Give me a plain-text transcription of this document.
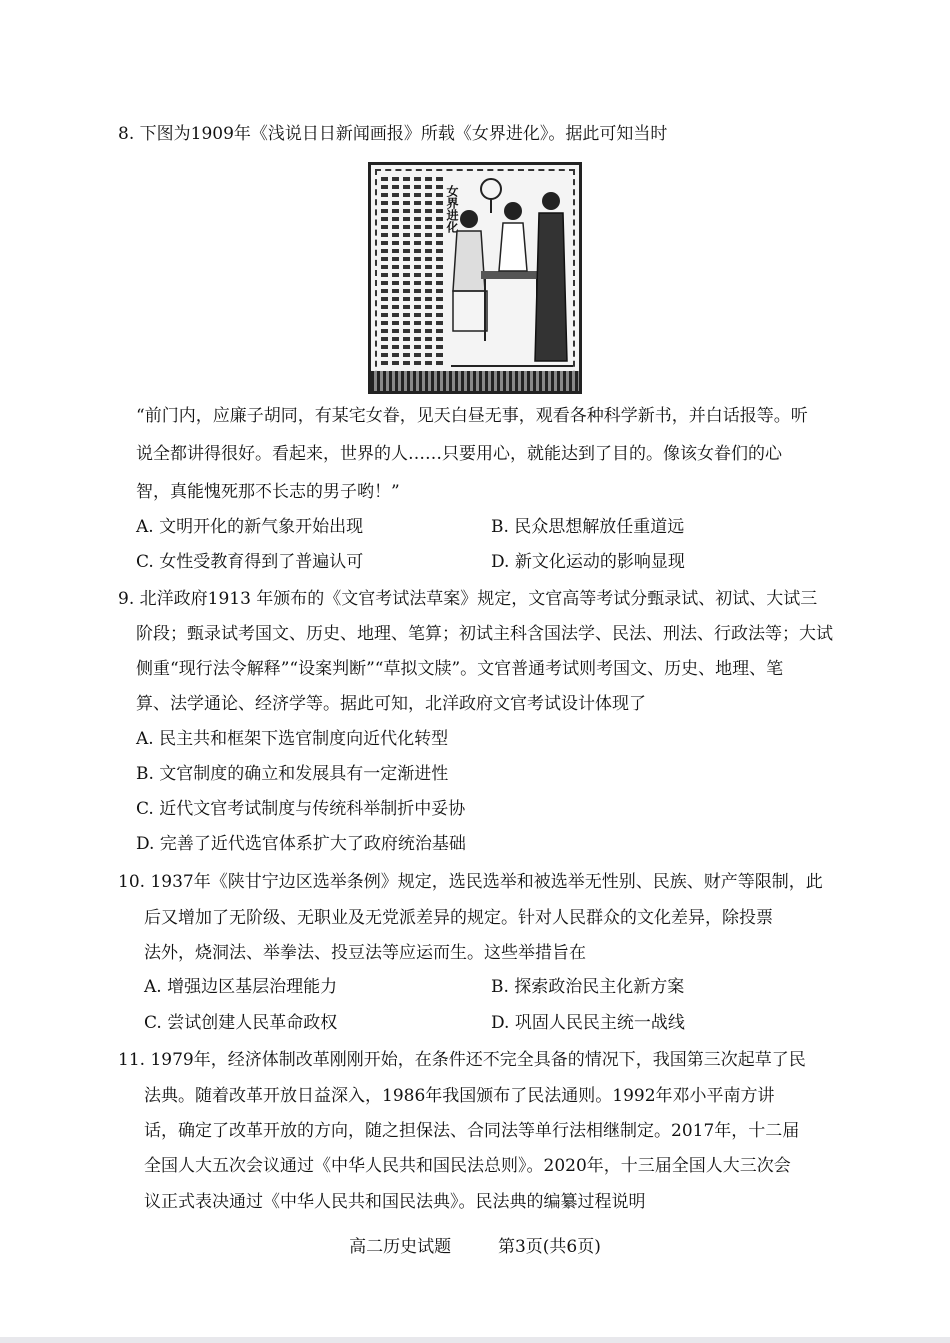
8. 下图为1909年《浅说日日新闻画报》所载《女界进化》。据此可知当时
女界进化
“前门内，应廉子胡同，有某宅女眷，见天白昼无事，观看各种科学新书，并白话报等。听
说全都讲得很好。看起来，世界的人……只要用心，就能达到了目的。像该女眷们的心
智，真能愧死那不长志的男子哟！”
A. 文明开化的新气象开始出现	B. 民众思想解放任重道远
C. 女性受教育得到了普遍认可	D. 新文化运动的影响显现
9. 北洋政府1913 年颁布的《文官考试法草案》规定，文官高等考试分甄录试、初试、大试三
阶段；甄录试考国文、历史、地理、笔算；初试主科含国法学、民法、刑法、行政法等；大试
侧重“现行法令解释”“设案判断”“草拟文牍”。文官普通考试则考国文、历史、地理、笔
算、法学通论、经济学等。据此可知，北洋政府文官考试设计体现了
A. 民主共和框架下选官制度向近代化转型
B. 文官制度的确立和发展具有一定渐进性
C. 近代文官考试制度与传统科举制折中妥协
D. 完善了近代选官体系扩大了政府统治基础
10. 1937年《陕甘宁边区选举条例》规定，选民选举和被选举无性别、民族、财产等限制，此
后又增加了无阶级、无职业及无党派差异的规定。针对人民群众的文化差异，除投票
法外，烧洞法、举拳法、投豆法等应运而生。这些举措旨在
A. 增强边区基层治理能力	B. 探索政治民主化新方案
C. 尝试创建人民革命政权	D. 巩固人民民主统一战线
11. 1979年，经济体制改革刚刚开始，在条件还不完全具备的情况下，我国第三次起草了民
法典。随着改革开放日益深入，1986年我国颁布了民法通则。1992年邓小平南方讲
话，确定了改革开放的方向，随之担保法、合同法等单行法相继制定。2017年，十二届
全国人大五次会议通过《中华人民共和国民法总则》。2020年，十三届全国人大三次会
议正式表决通过《中华人民共和国民法典》。民法典的编纂过程说明
高二历史试题	第3页(共6页)
